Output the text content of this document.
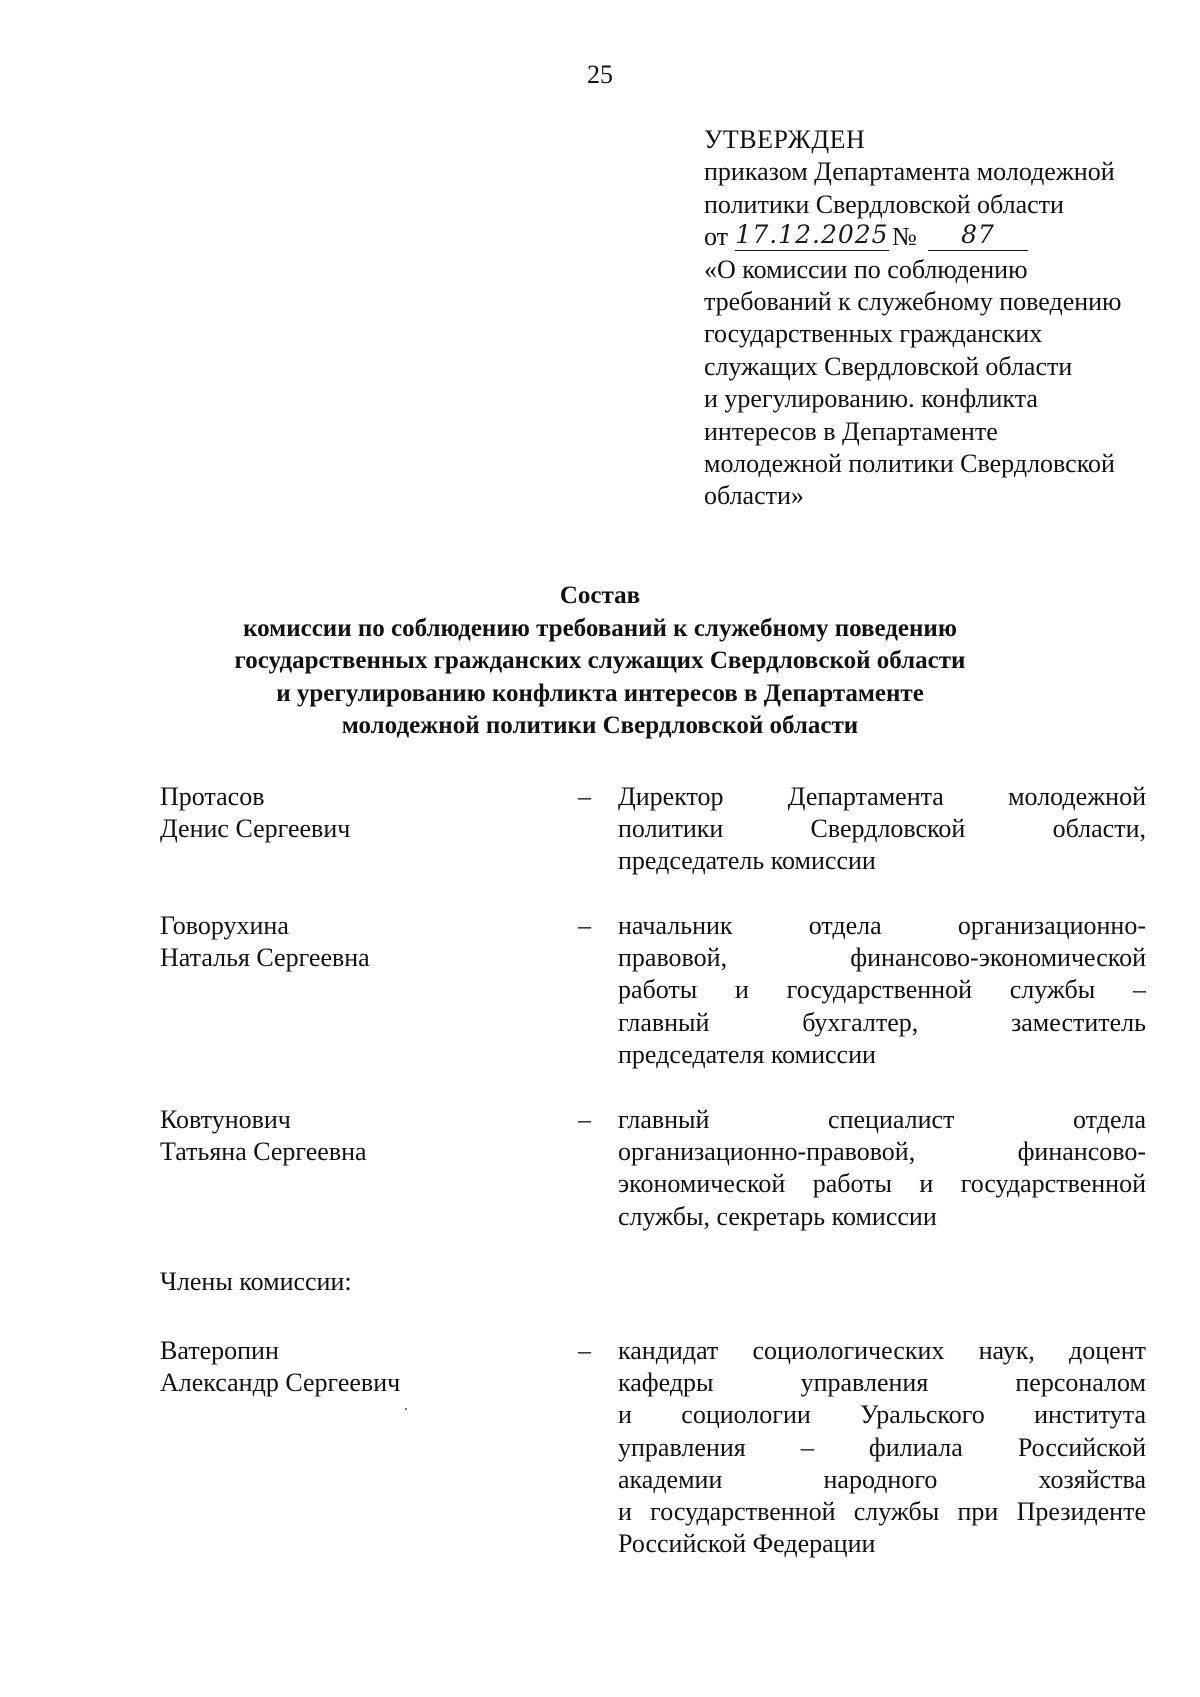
25
УТВЕРЖДЕН
приказом Департамента молодежной
политики Свердловской области
от 17.12.2025 №	87
«О комиссии по соблюдению
требований к служебному поведению
государственных гражданских
служащих Свердловской области
и урегулированию. конфликта
интересов в Департаменте
молодежной политики Свердловской
области»
Состав
комиссии по соблюдению требований к служебному поведению
государственных гражданских служащих Свердловской области
и урегулированию конфликта интересов в Департаменте
молодежной политики Свердловской области
Протасов
Денис Сергеевич
– Директор Департамента молодежной
политики Свердловской области,
председатель комиссии
Говорухина
Наталья Сергеевна
– начальник отдела организационно-
правовой, финансово-экономической
работы и государственной службы –
главный бухгалтер, заместитель
председателя комиссии
Ковтунович
Татьяна Сергеевна
– главный специалист отдела
организационно-правовой, финансово-
экономической работы и государственной
службы, секретарь комиссии
Члены комиссии:
Ватеропин
Александр Сергеевич
– кандидат социологических наук, доцент
кафедры управления персоналом
и социологии Уральского института
управления – филиала Российской
академии народного хозяйства
и государственной службы при Президенте
Российской Федерации
